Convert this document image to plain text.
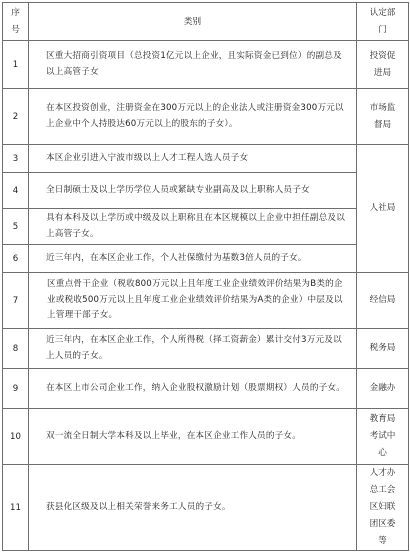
序
号	类别	认定部
门
1	区重大招商引资项目（总投资1亿元以上企业，且实际资金已到位）的副总及以上高管子女	投资促
进局
2	在本区投资创业，注册资金在300万元以上的企业法人或注册资金300万元以上企业中个人持股达60万元以上的股东的子女）。	市场监
督局
3	本区企业引进入宁波市级以上人才工程人选人员子女	人社局
4	全日制硕士及以上学历学位人员或紧缺专业副高及以上职称人员子女	
5	具有本科及以上学历或中级及以上职称且在本区规模以上企业中担任副总及以上高管子女。	
6	近三年内，在本区企业工作，个人社保缴付为基数3倍人员的子女。	
7	区重点骨干企业（税收800万元以上且年度工业企业绩效评价结果为B类的企业或税收500万元以上且年度工业企业绩效评价结果为A类的企业）中层及以上管理干部子女。	经信局
8	近三年内，在本区企业工作，个人所得税（择工资薪金）累计交付3万元及以上人员的子女。	税务局
9	在本区上市公司企业工作，纳入企业股权激励计划（股票期权）人员的子女。	金融办
10	双一流全日制大学本科及以上毕业，在本区企业工作人员的子女。	教育局
考试中
心
11	获县化区级及以上相关荣誉来务工人员的子女。	人才办
总工会
区妇联
团区委
等
